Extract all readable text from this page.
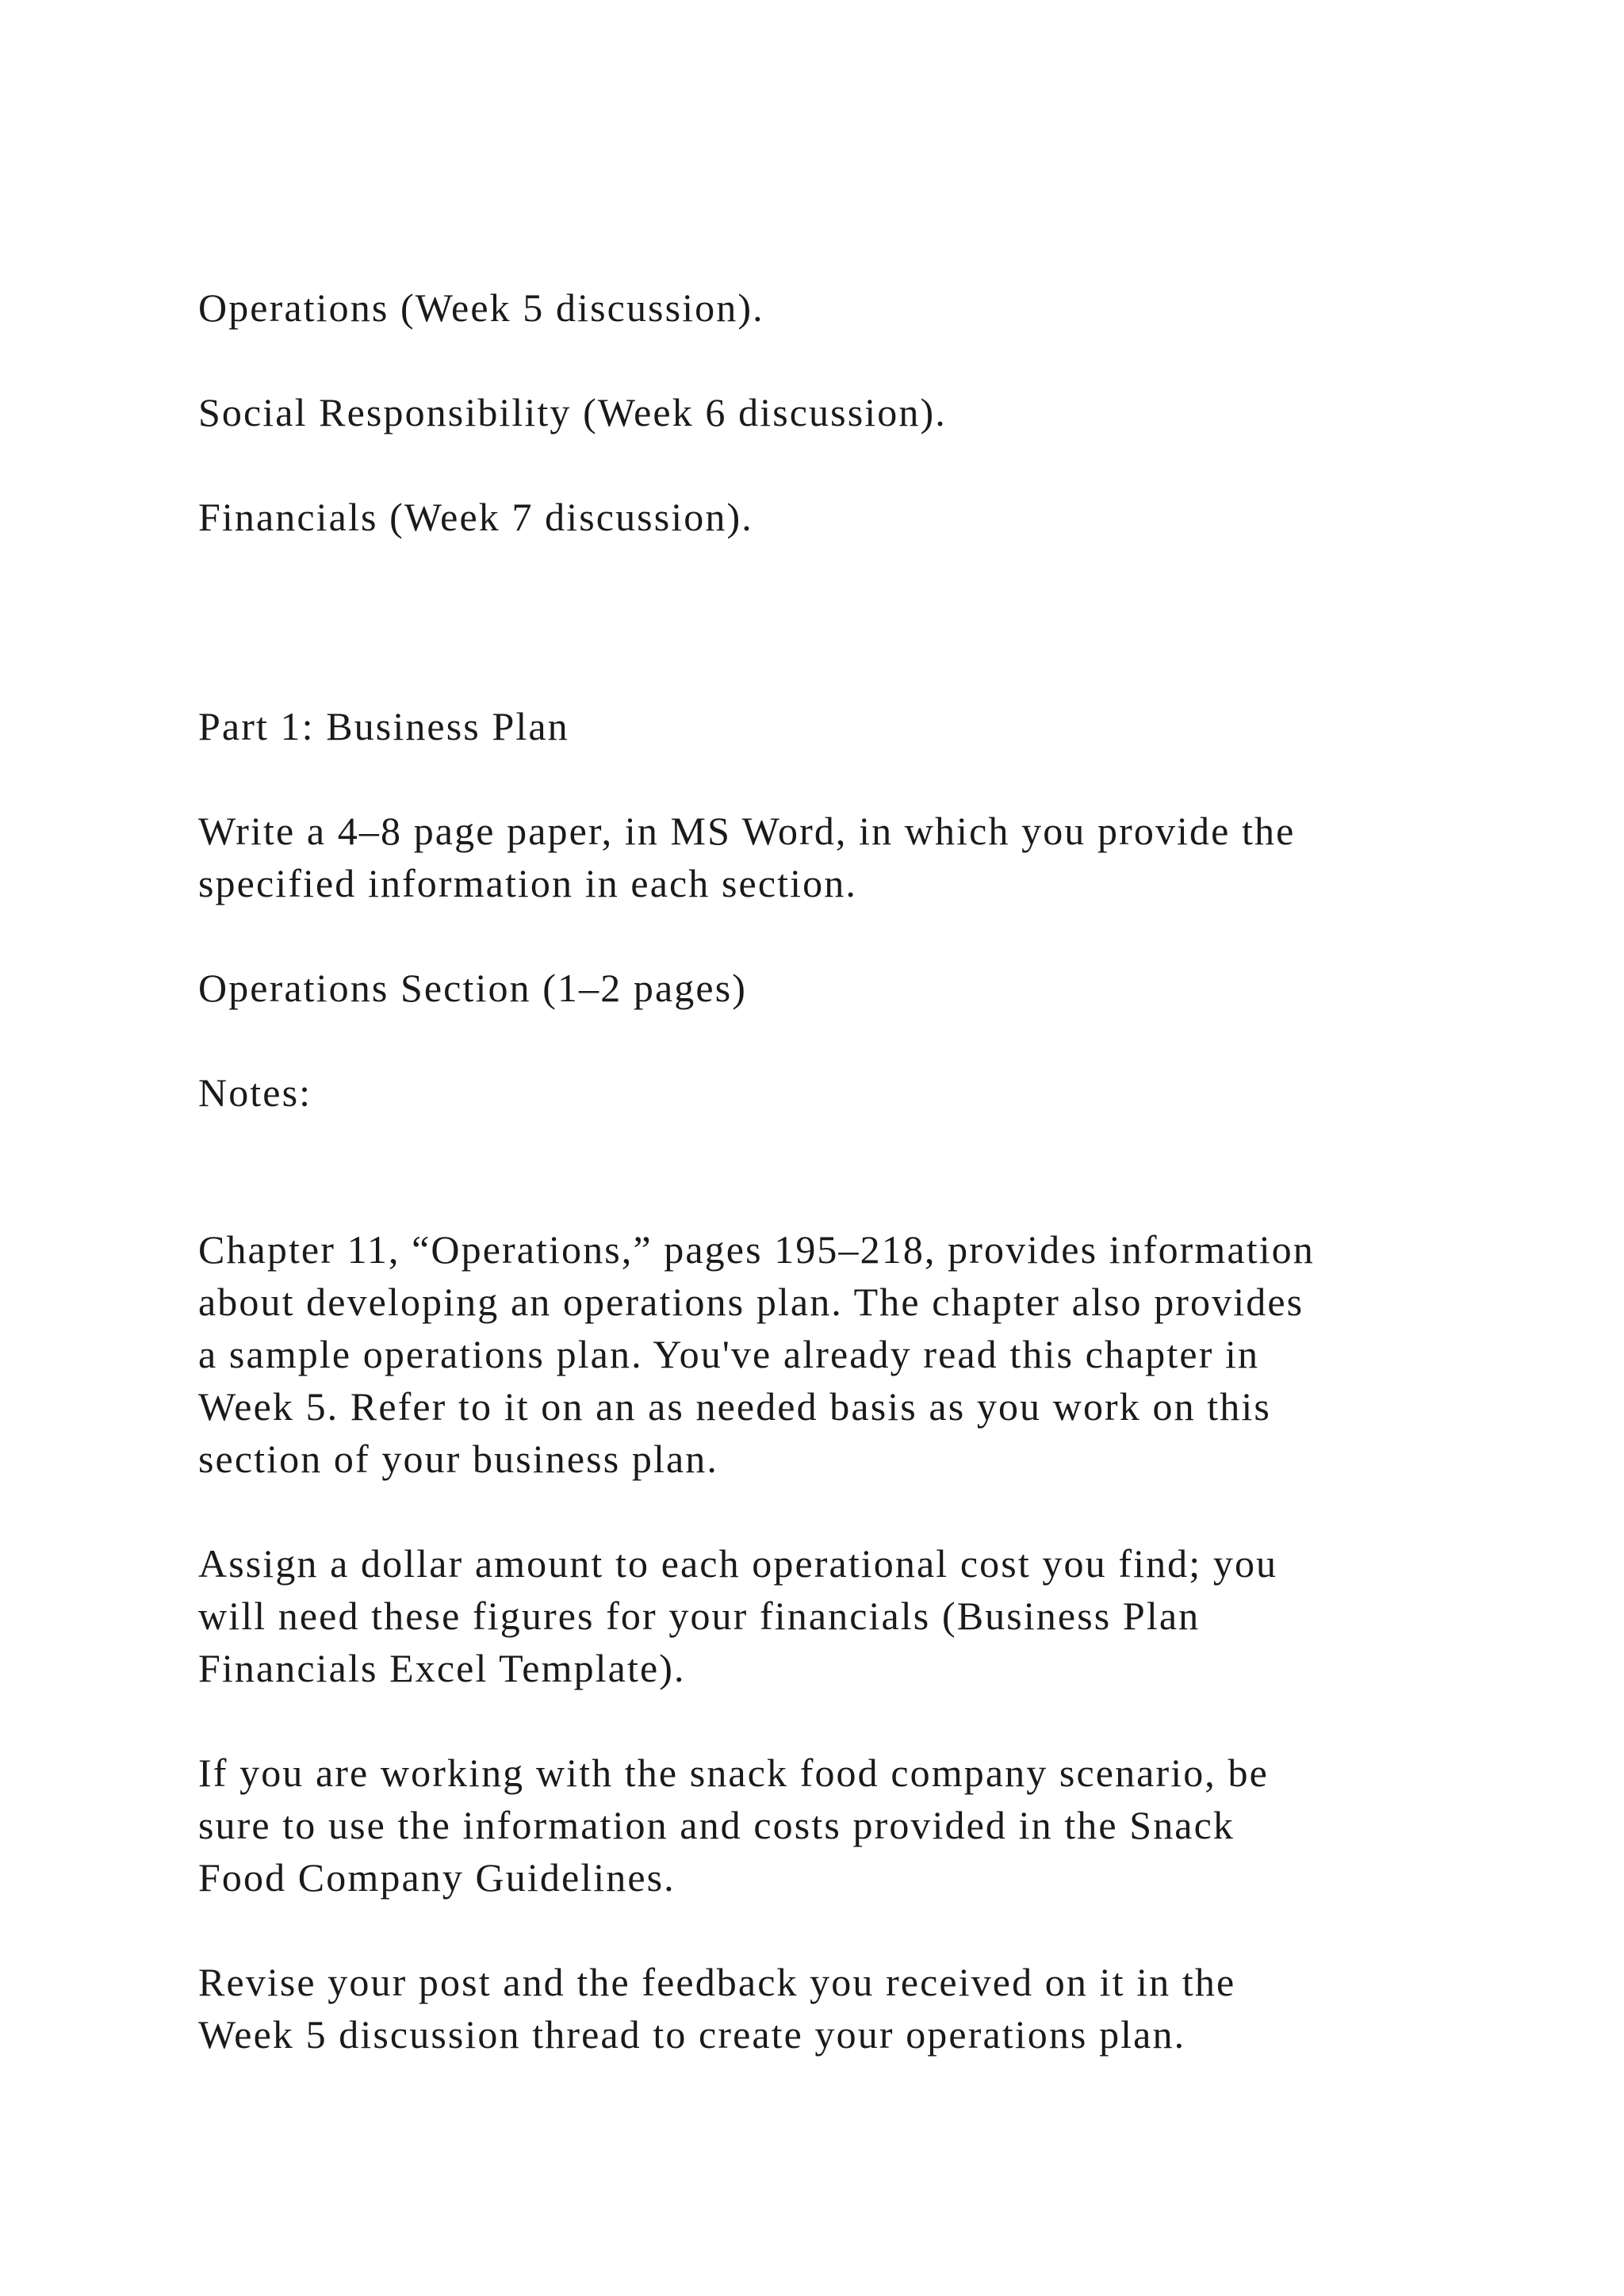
Operations (Week 5 discussion).

Social Responsibility (Week 6 discussion).

Financials (Week 7 discussion).

Part 1: Business Plan

Write a 4–8 page paper, in MS Word, in which you provide the
specified information in each section.

Operations Section (1–2 pages)

Notes:

Chapter 11, “Operations,” pages 195–218, provides information
about developing an operations plan. The chapter also provides
a sample operations plan. You've already read this chapter in
Week 5. Refer to it on an as needed basis as you work on this
section of your business plan.

Assign a dollar amount to each operational cost you find; you
will need these figures for your financials (Business Plan
Financials Excel Template).

If you are working with the snack food company scenario, be
sure to use the information and costs provided in the Snack
Food Company Guidelines.

Revise your post and the feedback you received on it in the
Week 5 discussion thread to create your operations plan.
